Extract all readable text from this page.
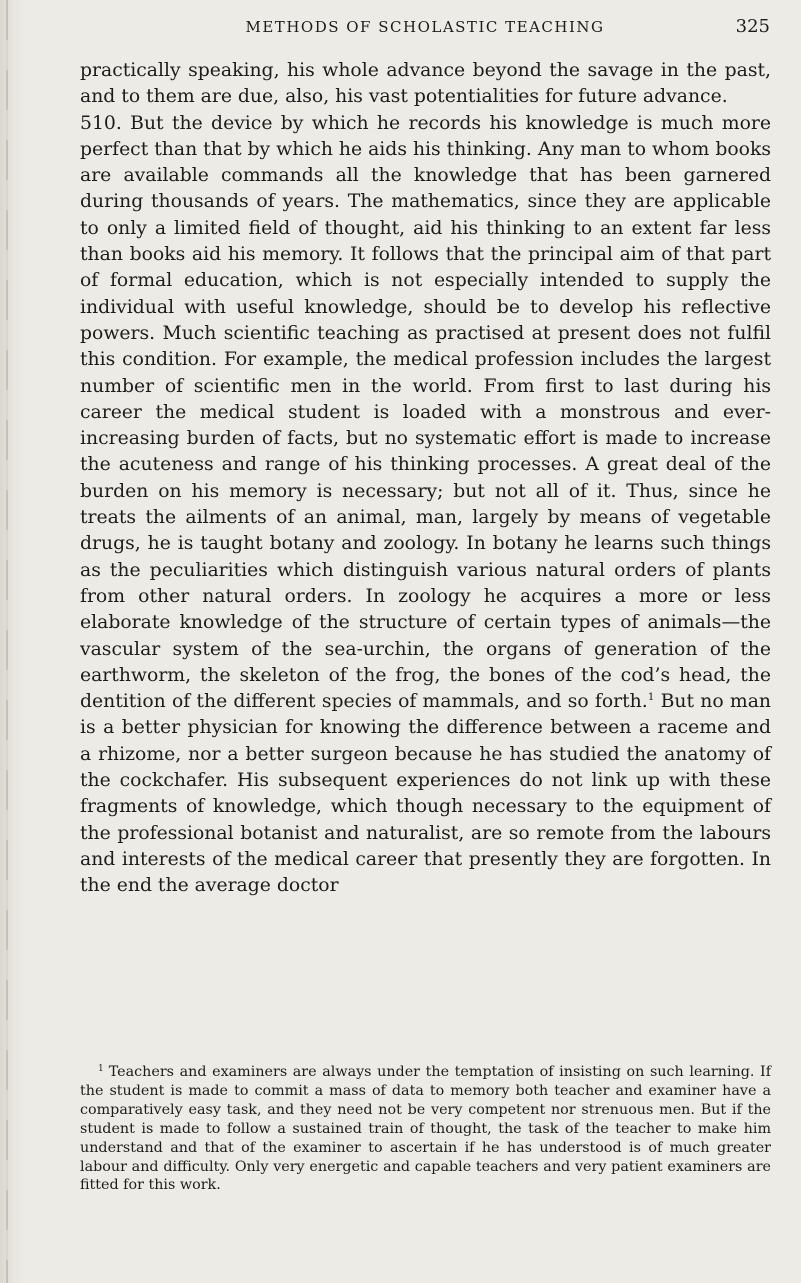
METHODS OF SCHOLASTIC TEACHING	325

practically speaking, his whole advance beyond the savage in the past, and to them are due, also, his vast potentialities for future advance.

510. But the device by which he records his knowledge is much more perfect than that by which he aids his thinking. Any man to whom books are available commands all the knowledge that has been garnered during thousands of years. The mathematics, since they are applicable to only a limited field of thought, aid his thinking to an extent far less than books aid his memory. It follows that the principal aim of that part of formal education, which is not especially intended to supply the individual with useful knowledge, should be to develop his reflective powers. Much scientific teaching as practised at present does not fulfil this condition. For example, the medical profession includes the largest number of scientific men in the world. From first to last during his career the medical student is loaded with a monstrous and ever-increasing burden of facts, but no systematic effort is made to increase the acuteness and range of his thinking processes. A great deal of the burden on his memory is necessary; but not all of it. Thus, since he treats the ailments of an animal, man, largely by means of vegetable drugs, he is taught botany and zoology. In botany he learns such things as the peculiarities which distinguish various natural orders of plants from other natural orders. In zoology he acquires a more or less elaborate knowledge of the structure of certain types of animals—the vascular system of the sea-urchin, the organs of generation of the earthworm, the skeleton of the frog, the bones of the cod’s head, the dentition of the different species of mammals, and so forth.$^1$ But no man is a better physician for knowing the difference between a raceme and a rhizome, nor a better surgeon because he has studied the anatomy of the cockchafer. His subsequent experiences do not link up with these fragments of knowledge, which though necessary to the equipment of the professional botanist and naturalist, are so remote from the labours and interests of the medical career that presently they are forgotten. In the end the average doctor

$^1$ Teachers and examiners are always under the temptation of insisting on such learning. If the student is made to commit a mass of data to memory both teacher and examiner have a comparatively easy task, and they need not be very competent nor strenuous men. But if the student is made to follow a sustained train of thought, the task of the teacher to make him understand and that of the examiner to ascertain if he has understood is of much greater labour and difficulty. Only very energetic and capable teachers and very patient examiners are fitted for this work.
